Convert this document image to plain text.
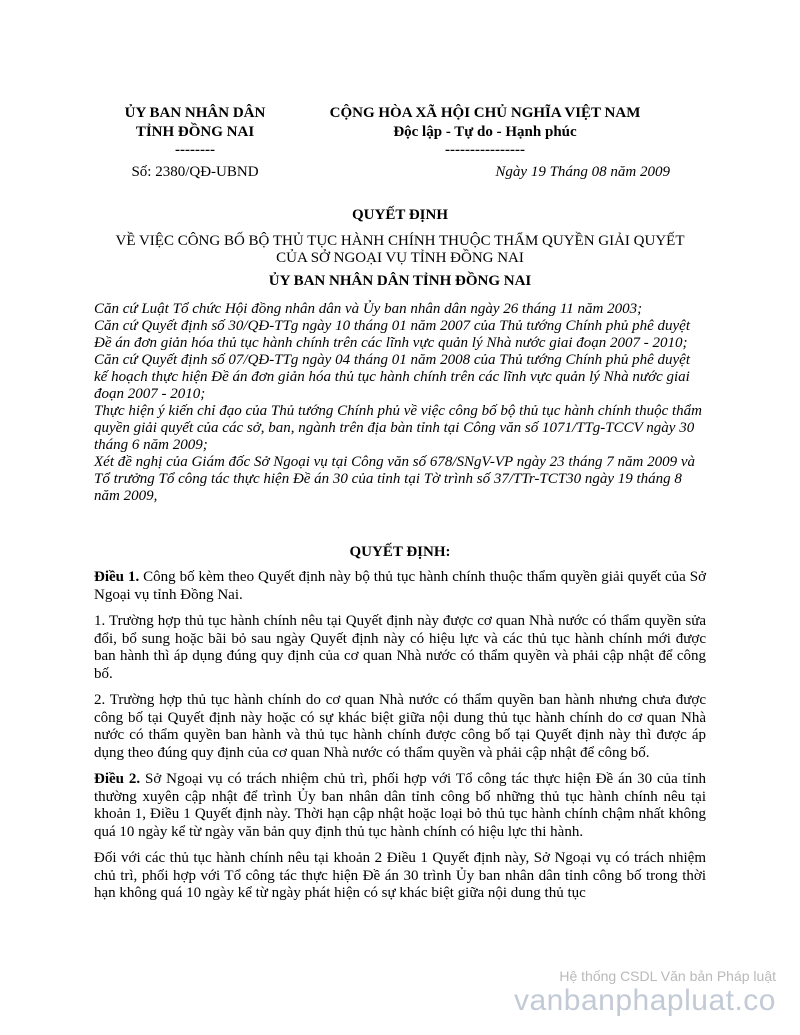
ỦY BAN NHÂN DÂN
TỈNH ĐỒNG NAI
--------
CỘNG HÒA XÃ HỘI CHỦ NGHĨA VIỆT NAM
Độc lập - Tự do - Hạnh phúc
----------------
Số: 2380/QĐ-UBND	Ngày 19 Tháng 08 năm 2009
QUYẾT ĐỊNH
VỀ VIỆC CÔNG BỐ BỘ THỦ TỤC HÀNH CHÍNH THUỘC THẨM QUYỀN GIẢI QUYẾT
CỦA SỞ NGOẠI VỤ TỈNH ĐỒNG NAI
ỦY BAN NHÂN DÂN TỈNH ĐỒNG NAI

Căn cứ Luật Tổ chức Hội đồng nhân dân và Ủy ban nhân dân ngày 26 tháng 11 năm 2003;

Căn cứ Quyết định số 30/QĐ-TTg ngày 10 tháng 01 năm 2007 của Thủ tướng Chính phủ phê duyệt Đề án đơn giản hóa thủ tục hành chính trên các lĩnh vực quản lý Nhà nước giai đoạn 2007 - 2010;

Căn cứ Quyết định số 07/QĐ-TTg ngày 04 tháng 01 năm 2008 của Thủ tướng Chính phủ phê duyệt kế hoạch thực hiện Đề án đơn giản hóa thủ tục hành chính trên các lĩnh vực quản lý Nhà nước giai đoạn 2007 - 2010;

Thực hiện ý kiến chỉ đạo của Thủ tướng Chính phủ về việc công bố bộ thủ tục hành chính thuộc thẩm quyền giải quyết của các sở, ban, ngành trên địa bàn tỉnh tại Công văn số 1071/TTg-TCCV ngày 30 tháng 6 năm 2009;

Xét đề nghị của Giám đốc Sở Ngoại vụ tại Công văn số 678/SNgV-VP ngày 23 tháng 7 năm 2009 và Tổ trưởng Tổ công tác thực hiện Đề án 30 của tỉnh tại Tờ trình số 37/TTr-TCT30 ngày 19 tháng 8 năm 2009,

QUYẾT ĐỊNH:

Điều 1. Công bố kèm theo Quyết định này bộ thủ tục hành chính thuộc thẩm quyền giải quyết của Sở Ngoại vụ tỉnh Đồng Nai.

1. Trường hợp thủ tục hành chính nêu tại Quyết định này được cơ quan Nhà nước có thẩm quyền sửa đổi, bổ sung hoặc bãi bỏ sau ngày Quyết định này có hiệu lực và các thủ tục hành chính mới được ban hành thì áp dụng đúng quy định của cơ quan Nhà nước có thẩm quyền và phải cập nhật để công bố.

2. Trường hợp thủ tục hành chính do cơ quan Nhà nước có thẩm quyền ban hành nhưng chưa được công bố tại Quyết định này hoặc có sự khác biệt giữa nội dung thủ tục hành chính do cơ quan Nhà nước có thẩm quyền ban hành và thủ tục hành chính được công bố tại Quyết định này thì được áp dụng theo đúng quy định của cơ quan Nhà nước có thẩm quyền và phải cập nhật để công bố.

Điều 2. Sở Ngoại vụ có trách nhiệm chủ trì, phối hợp với Tổ công tác thực hiện Đề án 30 của tỉnh thường xuyên cập nhật để trình Ủy ban nhân dân tỉnh công bố những thủ tục hành chính nêu tại khoản 1, Điều 1 Quyết định này. Thời hạn cập nhật hoặc loại bỏ thủ tục hành chính chậm nhất không quá 10 ngày kể từ ngày văn bản quy định thủ tục hành chính có hiệu lực thi hành.

Đối với các thủ tục hành chính nêu tại khoản 2 Điều 1 Quyết định này, Sở Ngoại vụ có trách nhiệm chủ trì, phối hợp với Tổ công tác thực hiện Đề án 30 trình Ủy ban nhân dân tỉnh công bố trong thời hạn không quá 10 ngày kể từ ngày phát hiện có sự khác biệt giữa nội dung thủ tục

Hệ thống CSDL Văn bản Pháp luật
vanbanphapluat.co
